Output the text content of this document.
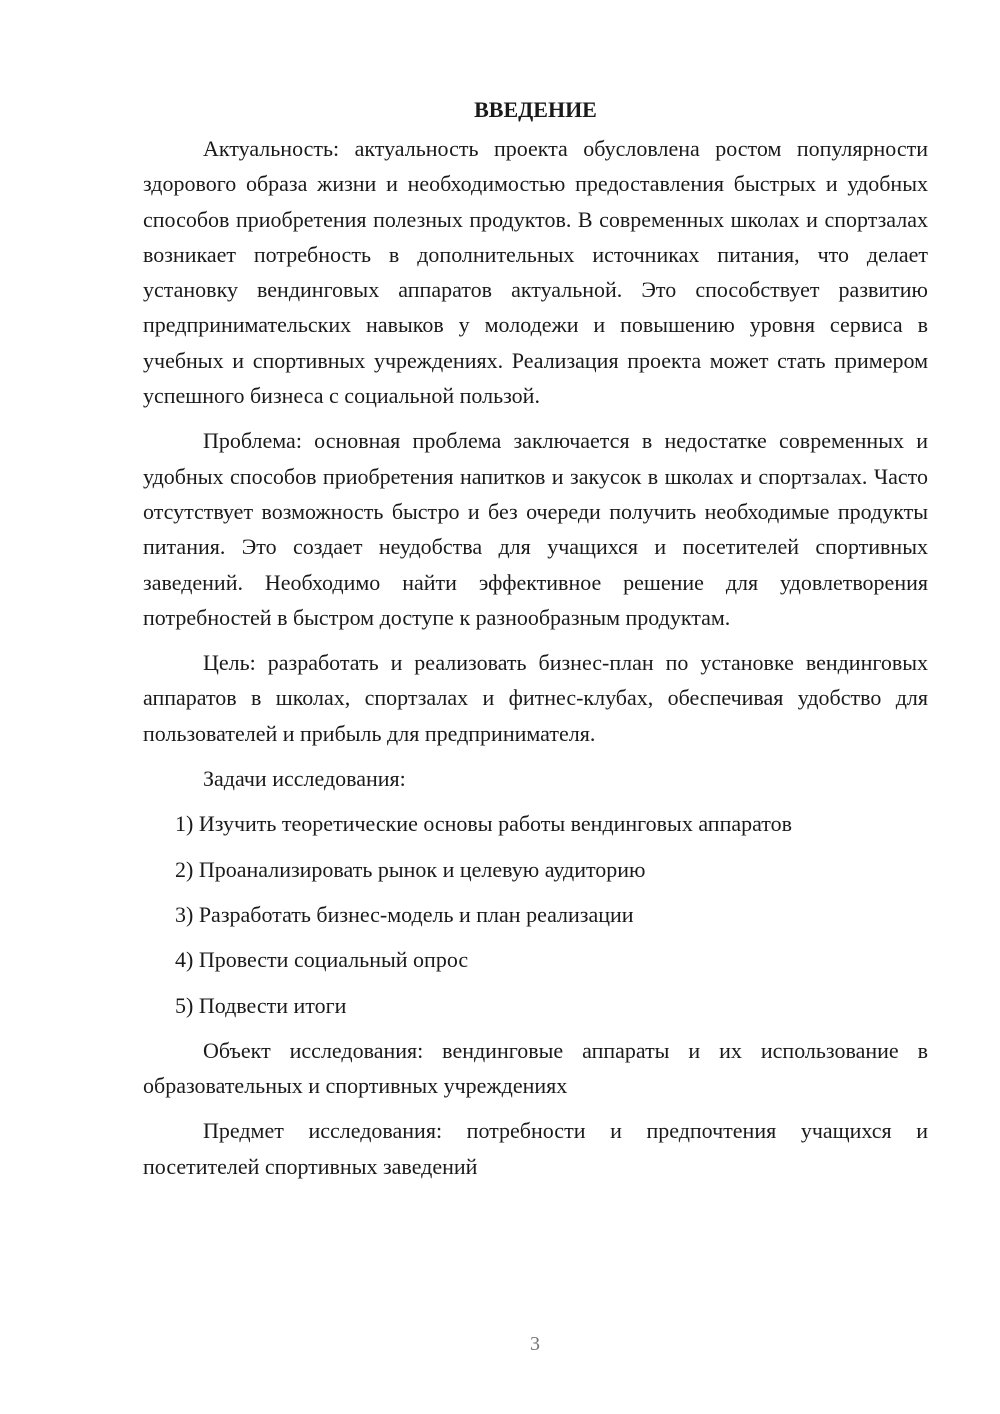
ВВЕДЕНИЕ

Актуальность: актуальность проекта обусловлена ростом популярности здорового образа жизни и необходимостью предоставления быстрых и удобных способов приобретения полезных продуктов. В современных школах и спортзалах возникает потребность в дополнительных источниках питания, что делает установку вендинговых аппаратов актуальной. Это способствует развитию предпринимательских навыков у молодежи и повышению уровня сервиса в учебных и спортивных учреждениях. Реализация проекта может стать примером успешного бизнеса с социальной пользой.

Проблема: основная проблема заключается в недостатке современных и удобных способов приобретения напитков и закусок в школах и спортзалах. Часто отсутствует возможность быстро и без очереди получить необходимые продукты питания. Это создает неудобства для учащихся и посетителей спортивных заведений. Необходимо найти эффективное решение для удовлетворения потребностей в быстром доступе к разнообразным продуктам.

Цель: разработать и реализовать бизнес-план по установке вендинговых аппаратов в школах, спортзалах и фитнес-клубах, обеспечивая удобство для пользователей и прибыль для предпринимателя.

Задачи исследования:

1) Изучить теоретические основы работы вендинговых аппаратов
2) Проанализировать рынок и целевую аудиторию
3) Разработать бизнес-модель и план реализации
4) Провести социальный опрос
5) Подвести итоги

Объект исследования: вендинговые аппараты и их использование в образовательных и спортивных учреждениях

Предмет исследования: потребности и предпочтения учащихся и посетителей спортивных заведений

3
